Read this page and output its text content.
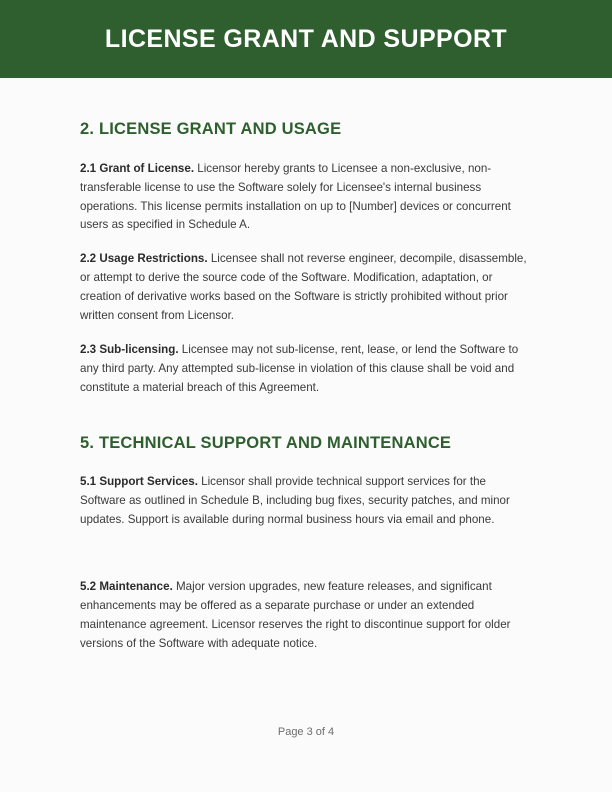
LICENSE GRANT AND SUPPORT
2. LICENSE GRANT AND USAGE

2.1 Grant of License. Licensor hereby grants to Licensee a non-exclusive, non-transferable license to use the Software solely for Licensee's internal business operations. This license permits installation on up to [Number] devices or concurrent users as specified in Schedule A.

2.2 Usage Restrictions. Licensee shall not reverse engineer, decompile, disassemble, or attempt to derive the source code of the Software. Modification, adaptation, or creation of derivative works based on the Software is strictly prohibited without prior written consent from Licensor.

2.3 Sub-licensing. Licensee may not sub-license, rent, lease, or lend the Software to any third party. Any attempted sub-license in violation of this clause shall be void and constitute a material breach of this Agreement.

5. TECHNICAL SUPPORT AND MAINTENANCE

5.1 Support Services. Licensor shall provide technical support services for the Software as outlined in Schedule B, including bug fixes, security patches, and minor updates. Support is available during normal business hours via email and phone.

5.2 Maintenance. Major version upgrades, new feature releases, and significant enhancements may be offered as a separate purchase or under an extended maintenance agreement. Licensor reserves the right to discontinue support for older versions of the Software with adequate notice.

Page 3 of 4
